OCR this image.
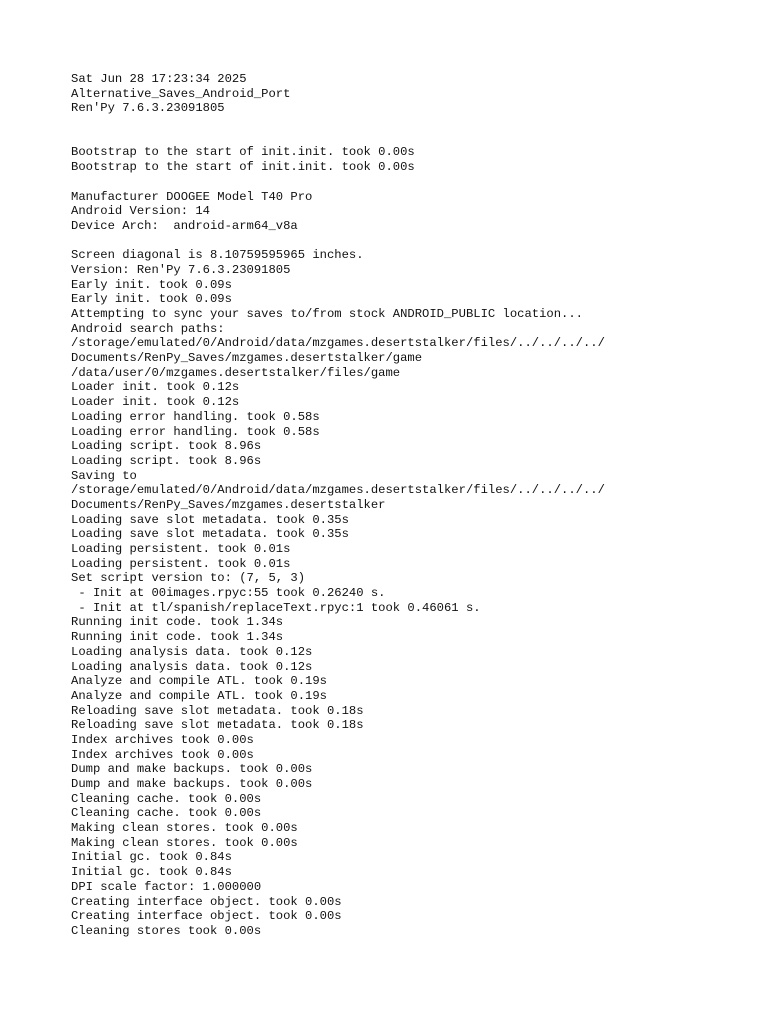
Sat Jun 28 17:23:34 2025
Alternative_Saves_Android_Port
Ren'Py 7.6.3.23091805
Bootstrap to the start of init.init. took 0.00s
Bootstrap to the start of init.init. took 0.00s
Manufacturer DOOGEE Model T40 Pro
Android Version: 14
Device Arch:  android-arm64_v8a
Screen diagonal is 8.10759595965 inches.
Version: Ren'Py 7.6.3.23091805
Early init. took 0.09s
Early init. took 0.09s
Attempting to sync your saves to/from stock ANDROID_PUBLIC location...
Android search paths:
/storage/emulated/0/Android/data/mzgames.desertstalker/files/../../../../
Documents/RenPy_Saves/mzgames.desertstalker/game
/data/user/0/mzgames.desertstalker/files/game
Loader init. took 0.12s
Loader init. took 0.12s
Loading error handling. took 0.58s
Loading error handling. took 0.58s
Loading script. took 8.96s
Loading script. took 8.96s
Saving to
/storage/emulated/0/Android/data/mzgames.desertstalker/files/../../../../
Documents/RenPy_Saves/mzgames.desertstalker
Loading save slot metadata. took 0.35s
Loading save slot metadata. took 0.35s
Loading persistent. took 0.01s
Loading persistent. took 0.01s
Set script version to: (7, 5, 3)
- Init at 00images.rpyc:55 took 0.26240 s.
- Init at tl/spanish/replaceText.rpyc:1 took 0.46061 s.
Running init code. took 1.34s
Running init code. took 1.34s
Loading analysis data. took 0.12s
Loading analysis data. took 0.12s
Analyze and compile ATL. took 0.19s
Analyze and compile ATL. took 0.19s
Reloading save slot metadata. took 0.18s
Reloading save slot metadata. took 0.18s
Index archives took 0.00s
Index archives took 0.00s
Dump and make backups. took 0.00s
Dump and make backups. took 0.00s
Cleaning cache. took 0.00s
Cleaning cache. took 0.00s
Making clean stores. took 0.00s
Making clean stores. took 0.00s
Initial gc. took 0.84s
Initial gc. took 0.84s
DPI scale factor: 1.000000
Creating interface object. took 0.00s
Creating interface object. took 0.00s
Cleaning stores took 0.00s
